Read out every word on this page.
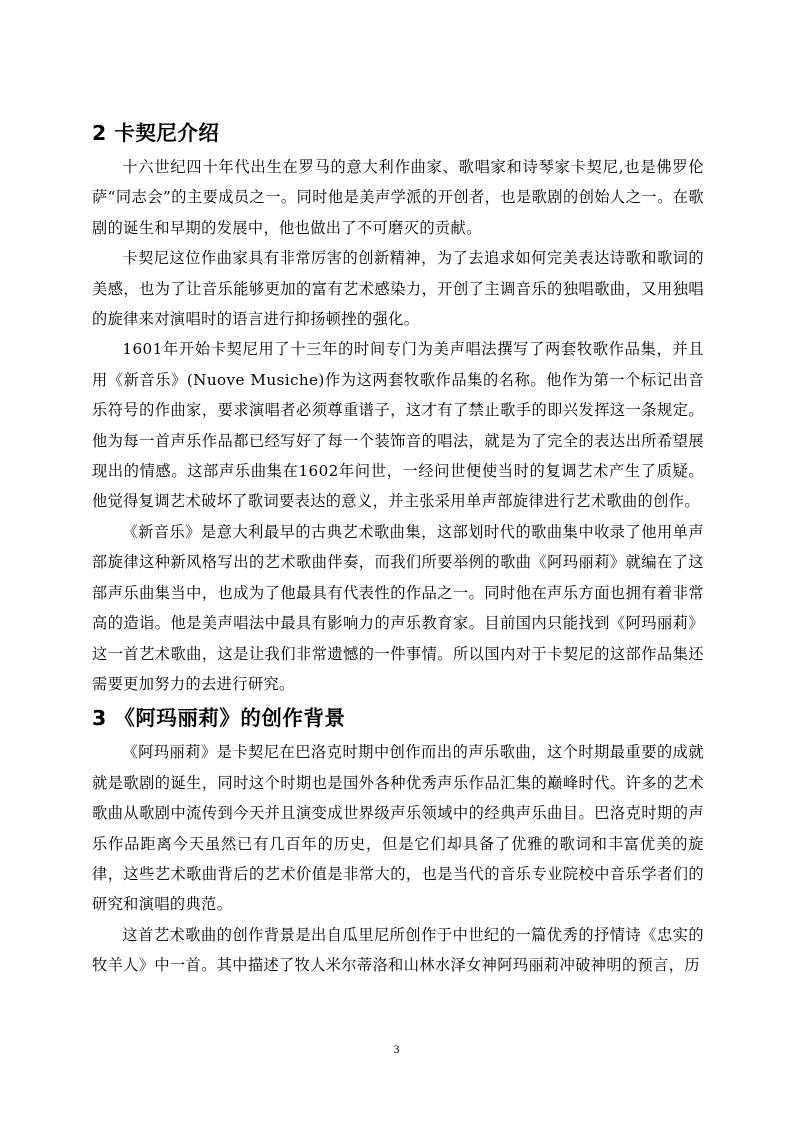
2 卡契尼介绍

十六世纪四十年代出生在罗马的意大利作曲家、歌唱家和诗琴家卡契尼,也是佛罗伦萨“同志会”的主要成员之一。同时他是美声学派的开创者，也是歌剧的创始人之一。在歌剧的诞生和早期的发展中，他也做出了不可磨灭的贡献。

卡契尼这位作曲家具有非常厉害的创新精神，为了去追求如何完美表达诗歌和歌词的美感，也为了让音乐能够更加的富有艺术感染力，开创了主调音乐的独唱歌曲，又用独唱的旋律来对演唱时的语言进行抑扬顿挫的强化。

1601年开始卡契尼用了十三年的时间专门为美声唱法撰写了两套牧歌作品集，并且用《新音乐》(Nuove Musiche)作为这两套牧歌作品集的名称。他作为第一个标记出音乐符号的作曲家，要求演唱者必须尊重谱子，这才有了禁止歌手的即兴发挥这一条规定。他为每一首声乐作品都已经写好了每一个装饰音的唱法，就是为了完全的表达出所希望展现出的情感。这部声乐曲集在1602年问世，一经问世便使当时的复调艺术产生了质疑。他觉得复调艺术破坏了歌词要表达的意义，并主张采用单声部旋律进行艺术歌曲的创作。

《新音乐》是意大利最早的古典艺术歌曲集，这部划时代的歌曲集中收录了他用单声部旋律这种新风格写出的艺术歌曲伴奏，而我们所要举例的歌曲《阿玛丽莉》就编在了这部声乐曲集当中，也成为了他最具有代表性的作品之一。同时他在声乐方面也拥有着非常高的造诣。他是美声唱法中最具有影响力的声乐教育家。目前国内只能找到《阿玛丽莉》这一首艺术歌曲，这是让我们非常遗憾的一件事情。所以国内对于卡契尼的这部作品集还需要更加努力的去进行研究。

3 《阿玛丽莉》的创作背景

《阿玛丽莉》是卡契尼在巴洛克时期中创作而出的声乐歌曲，这个时期最重要的成就就是歌剧的诞生，同时这个时期也是国外各种优秀声乐作品汇集的巅峰时代。许多的艺术歌曲从歌剧中流传到今天并且演变成世界级声乐领域中的经典声乐曲目。巴洛克时期的声乐作品距离今天虽然已有几百年的历史，但是它们却具备了优雅的歌词和丰富优美的旋律，这些艺术歌曲背后的艺术价值是非常大的，也是当代的音乐专业院校中音乐学者们的研究和演唱的典范。

这首艺术歌曲的创作背景是出自瓜里尼所创作于中世纪的一篇优秀的抒情诗《忠实的牧羊人》中一首。其中描述了牧人米尔蒂洛和山林水泽女神阿玛丽莉冲破神明的预言，历

3
